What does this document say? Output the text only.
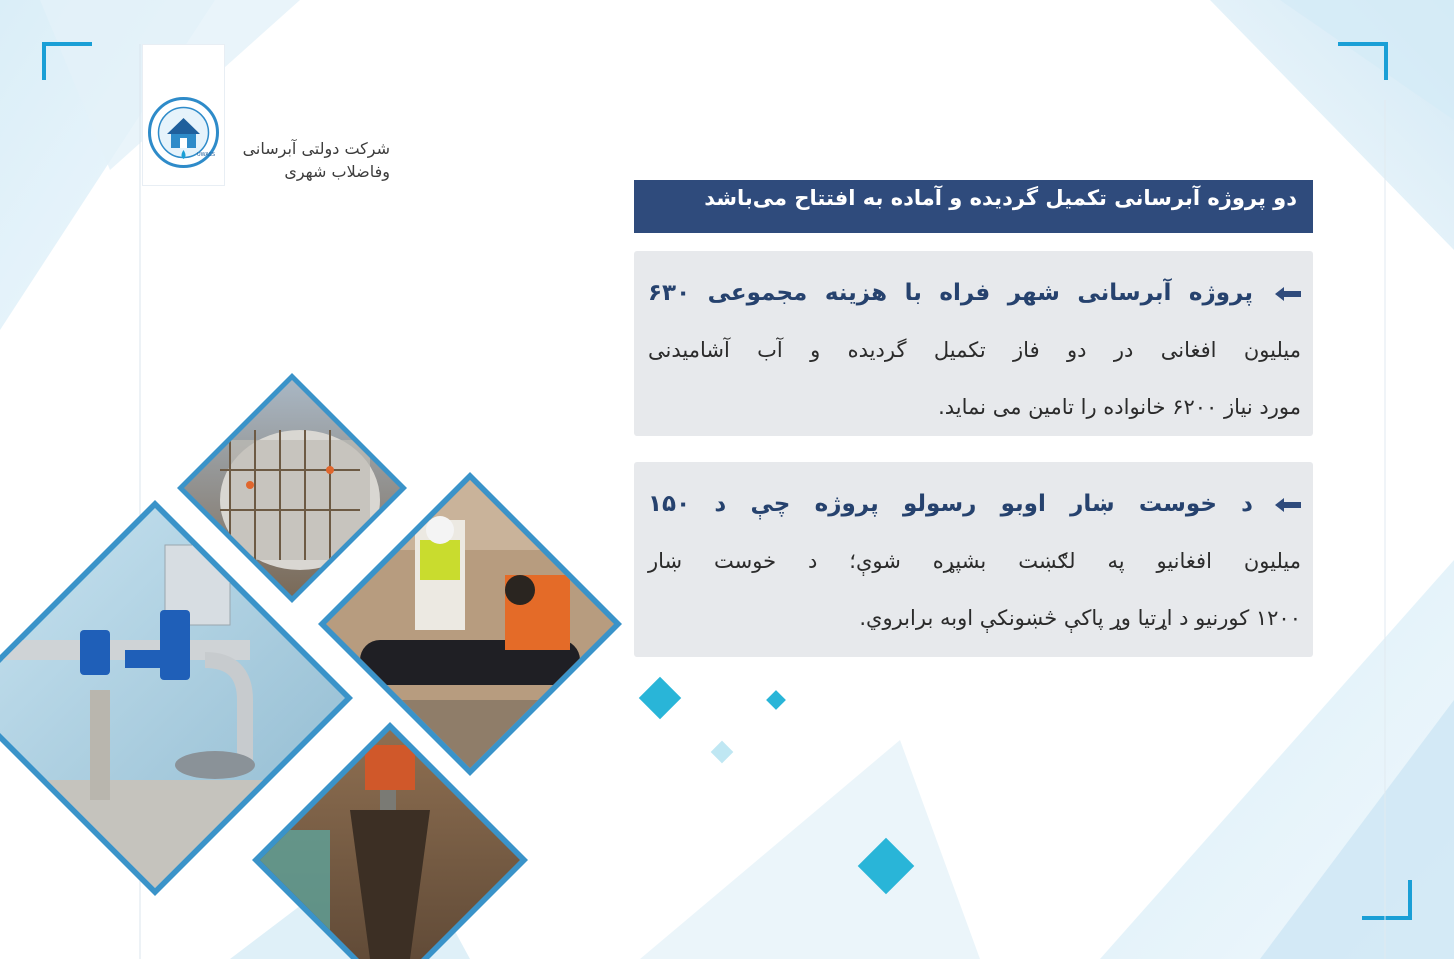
UWASS شرکت دولتی آبرسانی
وفاضلاب شهری
دو پروژه آبرسانی تکمیل گردیده و آماده به افتتاح می‌باشد
پروژه آبرسانی شهر فراه با هزینه مجموعی ۶۳۰
میلیون افغانی در دو فاز تکمیل گردیده و آب آشامیدنی
مورد نیاز ۶۲۰۰ خانواده را تامین می نماید.
د خوست ښار اوبو رسولو پروژه چې د ۱۵۰
میلیون افغانیو په لګښت بشپړه شوې؛ د خوست ښار
۱۲۰۰ کورنیو د اړتیا وړ پاکې څښونکې اوبه برابروي.
